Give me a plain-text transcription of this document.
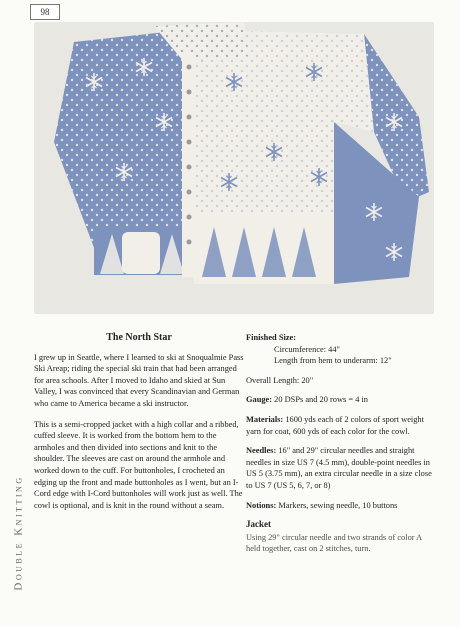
98
Double Knitting
The North Star

I grew up in Seattle, where I learned to ski at Snoqualmie Pass Ski Areap; riding the special ski train that had been arranged for area schools. After I moved to Idaho and skied at Sun Valley, I was convinced that every Scandinavian and German who came to America became a ski instructor.

This is a semi-cropped jacket with a high collar and a ribbed, cuffed sleeve. It is worked from the bottom hem to the armholes and then divided into sections and knit to the shoulder. The sleeves are cast on around the armhole and worked down to the cuff. For buttonholes, I crocheted an edging up the front and made buttonholes as I went, but an I-Cord edge with I-Cord buttonholes will work just as well. The cowl is optional, and is knit in the round without a seam.

Finished Size:
Circumference: 44"
Length from hem to underarm: 12"

Overall Length: 20"

Gauge: 20 DSPs and 20 rows = 4 in

Materials: 1600 yds each of 2 colors of sport weight yarn for coat, 600 yds of each color for the cowl.

Needles: 16" and 29" circular needles and straight needles in size US 7 (4.5 mm), double-point needles in US 5 (3.75 mm), an extra circular needle in a size close to US 7 (US 5, 6, 7, or 8)

Notions: Markers, sewing needle, 10 buttons

Jacket
Using 29" circular needle and two strands of color A held together, cast on 2 stitches, turn.
